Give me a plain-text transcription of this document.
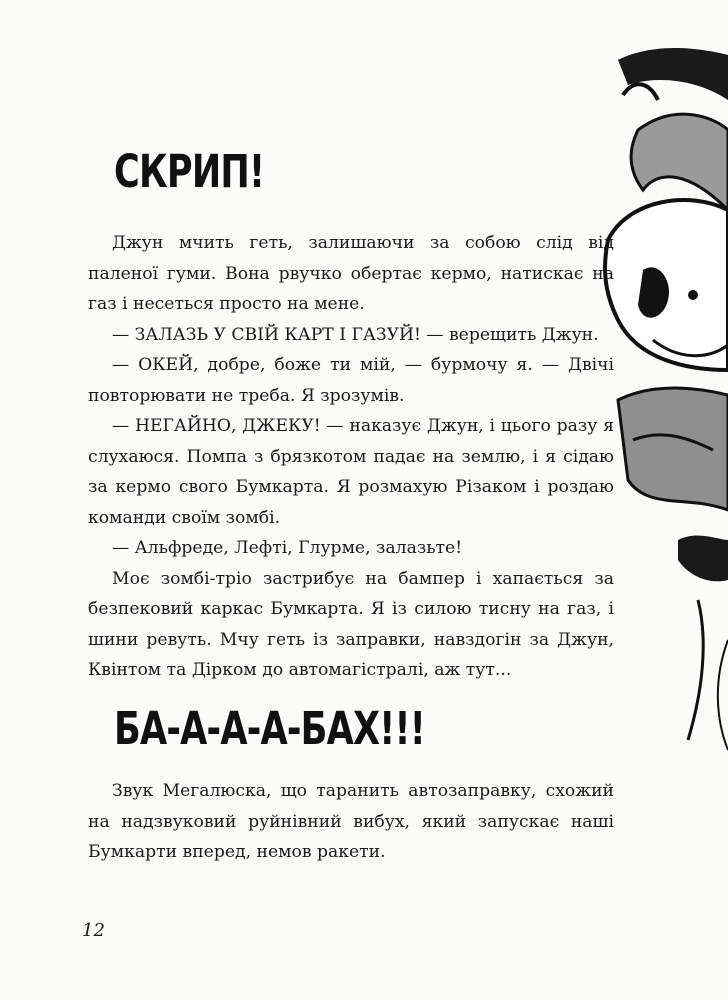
СКРИП!

Джун мчить геть, залишаючи за собою слід від паленої гуми. Вона рвучко обертає кермо, натискає на газ і несеться просто на мене.

— ЗАЛАЗЬ У СВІЙ КАРТ І ГАЗУЙ! — верещить Джун.

— ОКЕЙ, добре, боже ти мій, — бурмочу я. — Двічі повторювати не треба. Я зрозумів.

— НЕГАЙНО, ДЖЕКУ! — наказує Джун, і цього разу я слухаюся. Помпа з брязкотом падає на землю, і я сідаю за кермо свого Бумкарта. Я розмахую Різаком і роздаю команди своїм зомбі.

— Альфреде, Лефті, Глурме, залазьте!

Моє зомбі-тріо застрибує на бампер і хапається за безпековий каркас Бумкарта. Я із силою тисну на газ, і шини ревуть. Мчу геть із заправки, навздогін за Джун, Квінтом та Дірком до автомагістралі, аж тут...

БА-А-А-А-БАХ!!!

Звук Мегалюска, що таранить автозаправку, схожий на надзвуковий руйнівний вибух, який запускає наші Бумкарти вперед, немов ракети.

12
